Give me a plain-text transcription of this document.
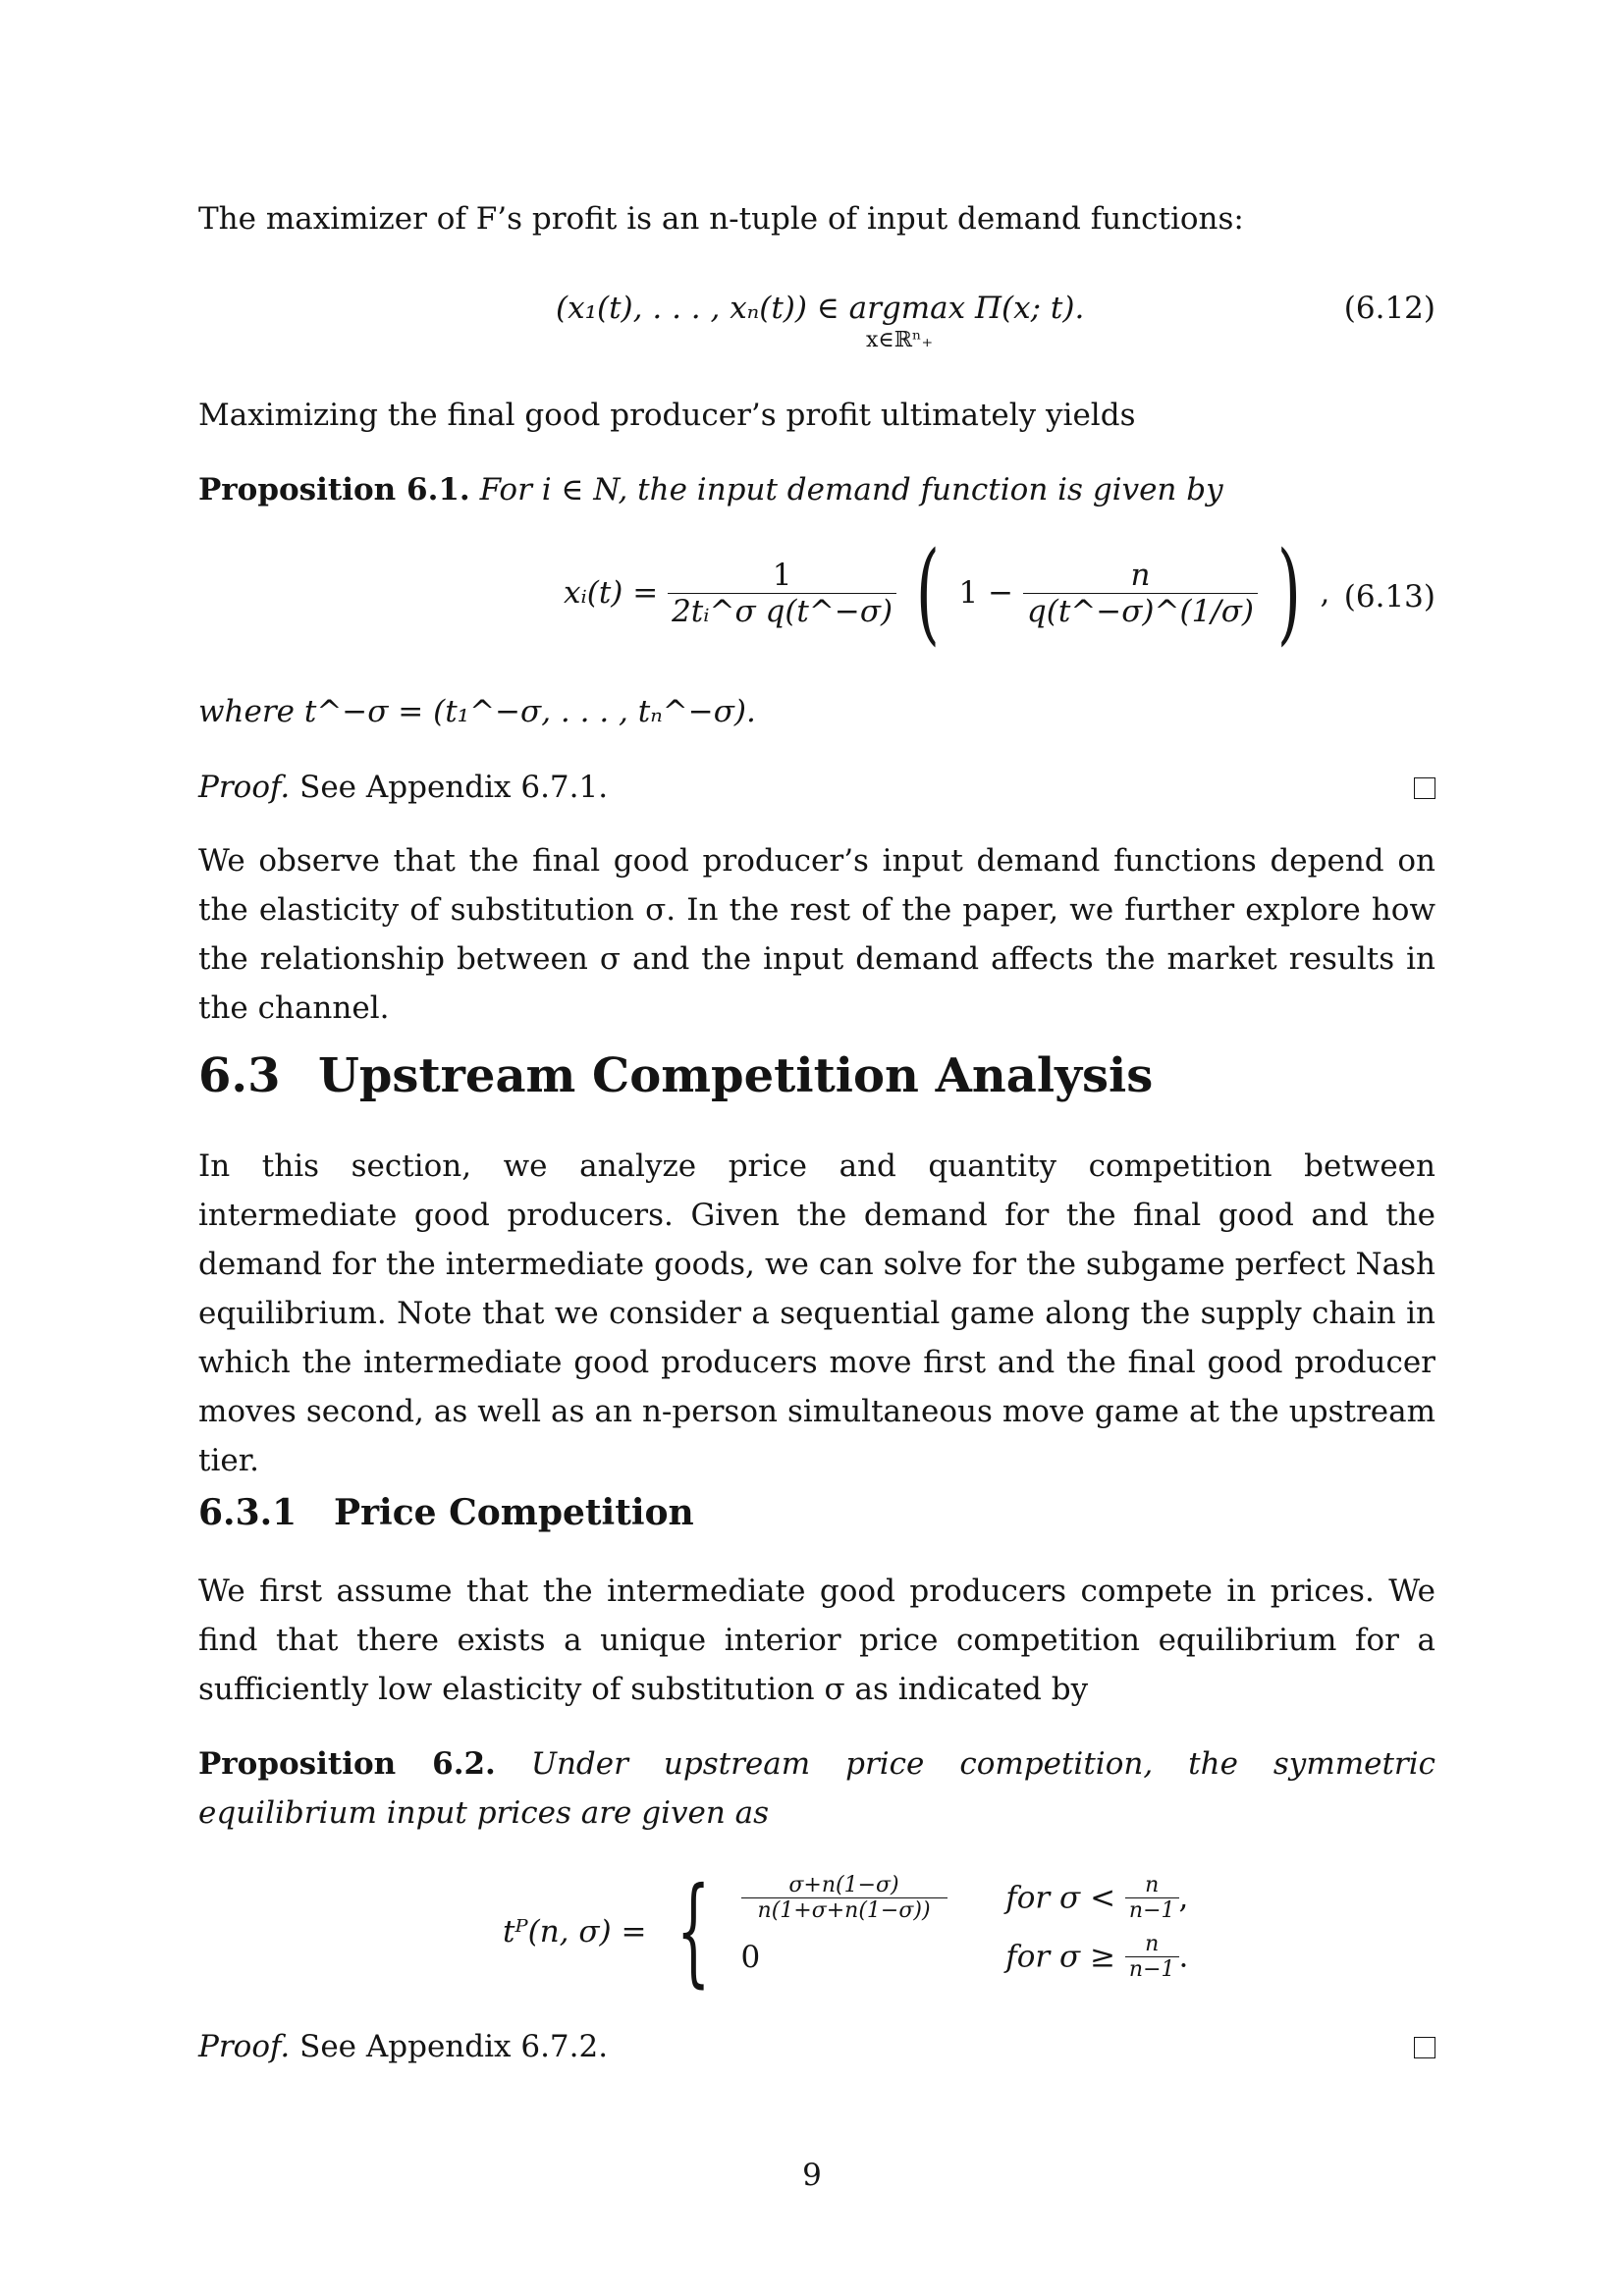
The maximizer of F’s profit is an n-tuple of input demand functions:

(x₁(t), . . . , xₙ(t)) ∈ argmax Π(x; t).
x∈ℝⁿ₊
(6.12)

Maximizing the final good producer’s profit ultimately yields

Proposition 6.1. For i ∈ N, the input demand function is given by

xᵢ(t) = $\frac{1}{\text{2tᵢ\textasciicircum{}σ q(t\textasciicircum{}−σ)}}$ ( $1 - \frac{n}{q(t\^{}-\sigma)\^{}(1/\sigma)}$ ) , (6.13)

where t^−σ = (t₁^−σ, . . . , tₙ^−σ).

Proof. See Appendix 6.7.1.

We observe that the final good producer’s input demand functions depend on the elasticity of substitution σ. In the rest of the paper, we further explore how the relationship between σ and the input demand affects the market results in the channel.

6.3 Upstream Competition Analysis

In this section, we analyze price and quantity competition between intermediate good producers. Given the demand for the final good and the demand for the intermediate goods, we can solve for the subgame perfect Nash equilibrium. Note that we consider a sequential game along the supply chain in which the intermediate good producers move first and the final good producer moves second, as well as an n-person simultaneous move game at the upstream tier.

6.3.1 Price Competition

We first assume that the intermediate good producers compete in prices. We find that there exists a unique interior price competition equilibrium for a sufficiently low elasticity of substitution σ as indicated by

Proposition 6.2. Under upstream price competition, the symmetric equilibrium input prices are given as

tᴾ(n, σ) = { $\frac{\sigma+n(1-\sigma)}{n(1+\sigma+n(1-\sigma))}$ for $\sigma < \frac{n}{n-1}$ ,
0	for $\sigma \ge \frac{n}{n-1}$ .

Proof. See Appendix 6.7.2.

9
